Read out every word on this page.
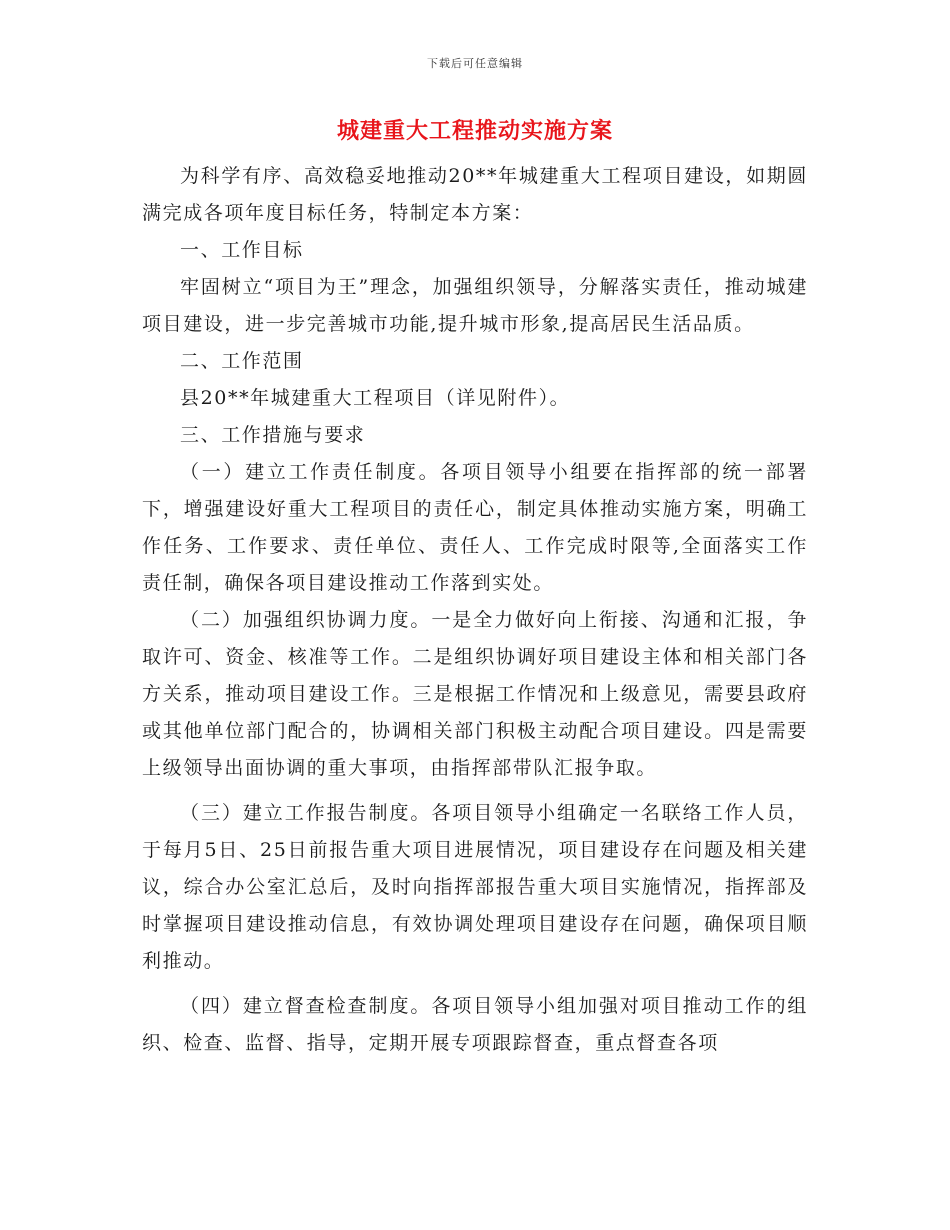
下载后可任意编辑
城建重大工程推动实施方案

为科学有序、高效稳妥地推动20**年城建重大工程项目建设，如期圆满完成各项年度目标任务，特制定本方案：

一、工作目标

牢固树立“项目为王”理念，加强组织领导，分解落实责任，推动城建项目建设，进一步完善城市功能,提升城市形象,提高居民生活品质。

二、工作范围

县20**年城建重大工程项目（详见附件）。

三、工作措施与要求

（一）建立工作责任制度。各项目领导小组要在指挥部的统一部署下，增强建设好重大工程项目的责任心，制定具体推动实施方案，明确工作任务、工作要求、责任单位、责任人、工作完成时限等,全面落实工作责任制，确保各项目建设推动工作落到实处。

（二）加强组织协调力度。一是全力做好向上衔接、沟通和汇报，争取许可、资金、核准等工作。二是组织协调好项目建设主体和相关部门各方关系，推动项目建设工作。三是根据工作情况和上级意见，需要县政府或其他单位部门配合的，协调相关部门积极主动配合项目建设。四是需要上级领导出面协调的重大事项，由指挥部带队汇报争取。

（三）建立工作报告制度。各项目领导小组确定一名联络工作人员，于每月5日、25日前报告重大项目进展情况，项目建设存在问题及相关建议，综合办公室汇总后，及时向指挥部报告重大项目实施情况，指挥部及时掌握项目建设推动信息，有效协调处理项目建设存在问题，确保项目顺利推动。

（四）建立督查检查制度。各项目领导小组加强对项目推动工作的组织、检查、监督、指导，定期开展专项跟踪督查，重点督查各项
